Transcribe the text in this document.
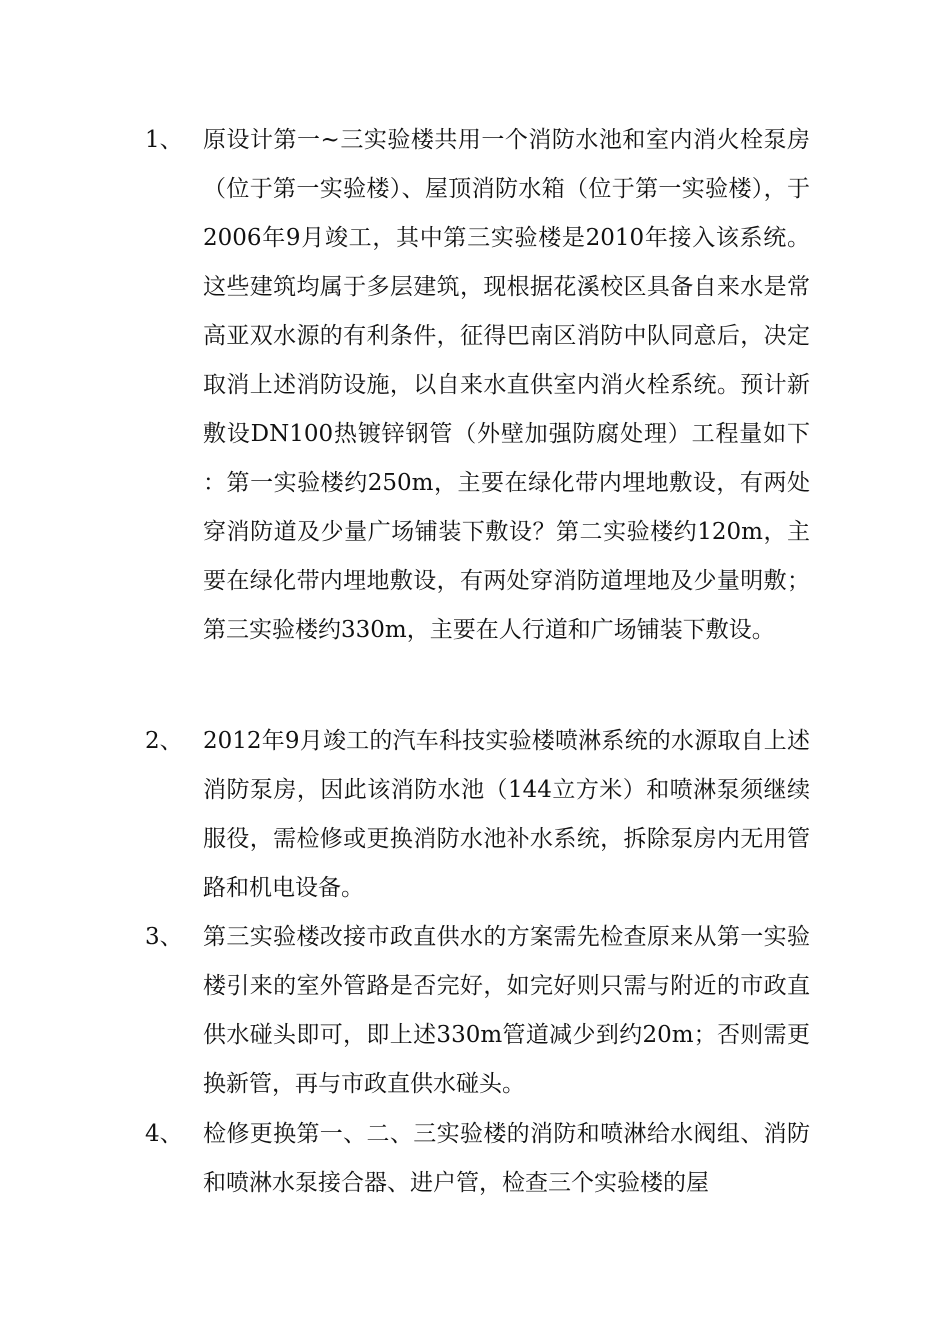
1、 原设计第一~三实验楼共用一个消防水池和室内消火栓泵房（位于第一实验楼）、屋顶消防水箱（位于第一实验楼），于2006年9月竣工，其中第三实验楼是2010年接入该系统。这些建筑均属于多层建筑，现根据花溪校区具备自来水是常高亚双水源的有利条件，征得巴南区消防中队同意后，决定取消上述消防设施，以自来水直供室内消火栓系统。预计新敷设DN100热镀锌钢管（外壁加强防腐处理）工程量如下：第一实验楼约250m，主要在绿化带内埋地敷设，有两处穿消防道及少量广场铺装下敷设？第二实验楼约120m，主要在绿化带内埋地敷设，有两处穿消防道埋地及少量明敷；第三实验楼约330m，主要在人行道和广场铺装下敷设。
2、 2012年9月竣工的汽车科技实验楼喷淋系统的水源取自上述消防泵房，因此该消防水池（144立方米）和喷淋泵须继续服役，需检修或更换消防水池补水系统，拆除泵房内无用管路和机电设备。
3、 第三实验楼改接市政直供水的方案需先检查原来从第一实验楼引来的室外管路是否完好，如完好则只需与附近的市政直供水碰头即可，即上述330m管道减少到约20m；否则需更换新管，再与市政直供水碰头。
4、 检修更换第一、二、三实验楼的消防和喷淋给水阀组、消防和喷淋水泵接合器、进户管，检查三个实验楼的屋
